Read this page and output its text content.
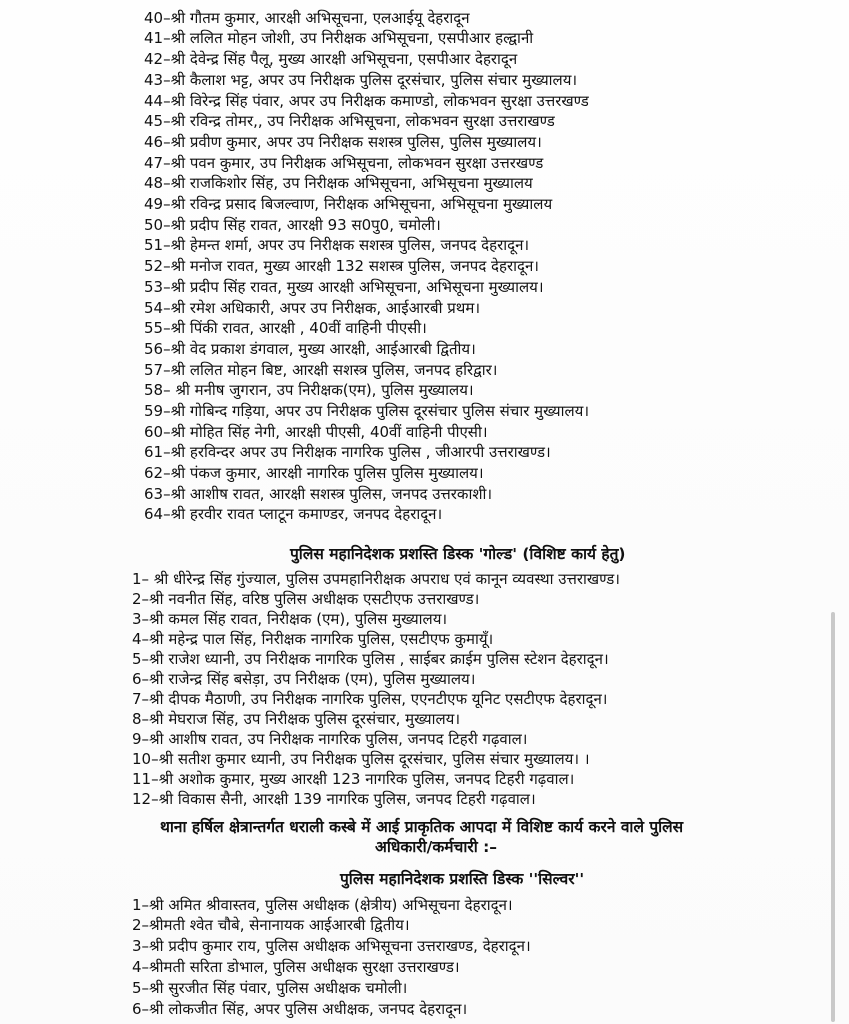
40–श्री गौतम कुमार, आरक्षी अभिसूचना, एलआईयू देहरादून
41–श्री ललित मोहन जोशी, उप निरीक्षक अभिसूचना, एसपीआर हल्द्वानी
42–श्री देवेन्द्र सिंह पैलू, मुख्य आरक्षी अभिसूचना, एसपीआर देहरादून
43–श्री कैलाश भट्ट, अपर उप निरीक्षक पुलिस दूरसंचार, पुलिस संचार मुख्यालय।
44–श्री विरेन्द्र सिंह पंवार, अपर उप निरीक्षक कमाण्डो, लोकभवन सुरक्षा उत्तरखण्ड
45–श्री रविन्द्र तोमर,, उप निरीक्षक अभिसूचना, लोकभवन सुरक्षा उत्तराखण्ड
46–श्री प्रवीण कुमार, अपर उप निरीक्षक सशस्त्र पुलिस, पुलिस मुख्यालय।
47–श्री पवन कुमार, उप निरीक्षक अभिसूचना, लोकभवन सुरक्षा उत्तरखण्ड
48–श्री राजकिशोर सिंह, उप निरीक्षक अभिसूचना, अभिसूचना मुख्यालय
49–श्री रविन्द्र प्रसाद बिजल्वाण, निरीक्षक अभिसूचना, अभिसूचना मुख्यालय
50–श्री प्रदीप सिंह रावत, आरक्षी 93 स0पु0, चमोली।
51–श्री हेमन्त शर्मा, अपर उप निरीक्षक सशस्त्र पुलिस, जनपद देहरादून।
52–श्री मनोज रावत, मुख्य आरक्षी 132 सशस्त्र पुलिस, जनपद देहरादून।
53–श्री प्रदीप सिंह रावत, मुख्य आरक्षी अभिसूचना, अभिसूचना मुख्यालय।
54–श्री रमेश अधिकारी, अपर उप निरीक्षक, आईआरबी प्रथम।
55–श्री पिंकी रावत, आरक्षी , 40वीं वाहिनी पीएसी।
56–श्री वेद प्रकाश डंगवाल, मुख्य आरक्षी, आईआरबी द्वितीय।
57–श्री ललित मोहन बिष्ट, आरक्षी सशस्त्र पुलिस, जनपद हरिद्वार।
58– श्री मनीष जुगरान, उप निरीक्षक(एम), पुलिस मुख्यालय।
59–श्री गोबिन्द गड़िया, अपर उप निरीक्षक पुलिस दूरसंचार पुलिस संचार मुख्यालय।
60–श्री मोहित सिंह नेगी, आरक्षी पीएसी, 40वीं वाहिनी पीएसी।
61–श्री हरविन्दर अपर उप निरीक्षक नागरिक पुलिस , जीआरपी उत्तराखण्ड।
62–श्री पंकज कुमार, आरक्षी नागरिक पुलिस पुलिस मुख्यालय।
63–श्री आशीष रावत, आरक्षी सशस्त्र पुलिस, जनपद उत्तरकाशी।
64–श्री हरवीर रावत प्लाटून कमाण्डर, जनपद देहरादून।
पुलिस महानिदेशक प्रशस्ति डिस्क 'गोल्ड' (विशिष्ट कार्य हेतु)
1– श्री धीरेन्द्र सिंह गुंज्याल, पुलिस उपमहानिरीक्षक अपराध एवं कानून व्यवस्था उत्तराखण्ड।
2–श्री नवनीत सिंह, वरिष्ठ पुलिस अधीक्षक एसटीएफ उत्तराखण्ड।
3–श्री कमल सिंह रावत, निरीक्षक (एम), पुलिस मुख्यालय।
4–श्री महेन्द्र पाल सिंह, निरीक्षक नागरिक पुलिस, एसटीएफ कुमायूँ।
5–श्री राजेश ध्यानी, उप निरीक्षक नागरिक पुलिस , साईबर क्राईम पुलिस स्टेशन देहरादून।
6–श्री राजेन्द्र सिंह बसेड़ा, उप निरीक्षक (एम), पुलिस मुख्यालय।
7–श्री दीपक मैठाणी, उप निरीक्षक नागरिक पुलिस, एएनटीएफ यूनिट एसटीएफ देहरादून।
8–श्री मेघराज सिंह, उप निरीक्षक पुलिस दूरसंचार, मुख्यालय।
9–श्री आशीष रावत, उप निरीक्षक नागरिक पुलिस, जनपद टिहरी गढ़वाल।
10–श्री सतीश कुमार ध्यानी, उप निरीक्षक पुलिस दूरसंचार, पुलिस संचार मुख्यालय। ।
11–श्री अशोक कुमार, मुख्य आरक्षी 123 नागरिक पुलिस, जनपद टिहरी गढ़वाल।
12–श्री विकास सैनी, आरक्षी 139 नागरिक पुलिस, जनपद टिहरी गढ़वाल।
थाना हर्षिल क्षेत्रान्तर्गत धराली कस्बे में आई प्राकृतिक आपदा में विशिष्ट कार्य करने वाले पुलिस
अधिकारी/कर्मचारी :–
पुलिस महानिदेशक प्रशस्ति डिस्क ''सिल्वर''
1–श्री अमित श्रीवास्तव, पुलिस अधीक्षक (क्षेत्रीय) अभिसूचना देहरादून।
2–श्रीमती श्वेत चौबे, सेनानायक आईआरबी द्वितीय।
3–श्री प्रदीप कुमार राय, पुलिस अधीक्षक अभिसूचना उत्तराखण्ड, देहरादून।
4–श्रीमती सरिता डोभाल, पुलिस अधीक्षक सुरक्षा उत्तराखण्ड।
5–श्री सुरजीत सिंह पंवार, पुलिस अधीक्षक चमोली।
6–श्री लोकजीत सिंह, अपर पुलिस अधीक्षक, जनपद देहरादून।
